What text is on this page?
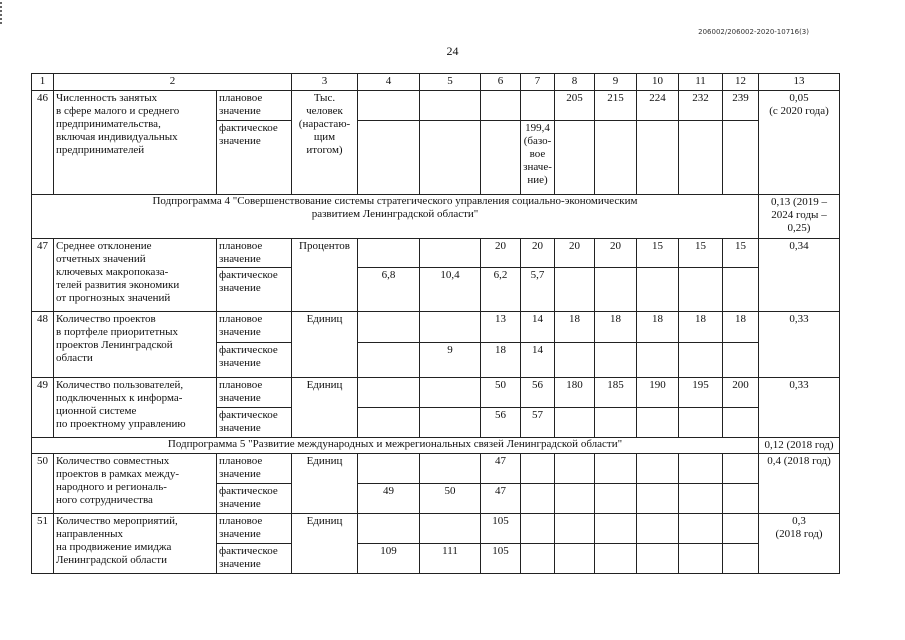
206002/206002-2020-10716(3)
24
1	2		3	4	5	6	7	8	9	10	11	12	13
46	Численность занятых
в сфере малого и среднего
предпринимательства,
включая индивидуальных
предпринимателей	плановое значение	Тыс.
человек
(нарастаю-
щим
итогом)					205	215	224	232	239	0,05
(с 2020 года)
		фактическое значение					199,4
(базо-
вое
значе-
ние)						
Подпрограмма 4 "Совершенствование системы стратегического управления социально-экономическим развитием Ленинградской области"													0,13 (2019 –
2024 годы –
0,25)
47	Среднее отклонение
отчетных значений
ключевых макропоказа-
телей развития экономики
от прогнозных значений	плановое значение	Процентов			20	20	20	20	15	15	15	0,34
		фактическое значение		6,8	10,4	6,2	5,7						
48	Количество проектов
в портфеле приоритетных
проектов Ленинградской
области	плановое значение	Единиц			13	14	18	18	18	18	18	0,33
		фактическое значение			9	18	14						
49	Количество пользователей,
подключенных к информа-
ционной системе
по проектному управлению	плановое значение	Единиц			50	56	180	185	190	195	200	0,33
		фактическое значение				56	57						
Подпрограмма 5 "Развитие международных и межрегиональных связей Ленинградской области"													0,12 (2018 год)
50	Количество совместных
проектов в рамках между-
народного и региональ-
ного сотрудничества	плановое значение	Единиц			47							0,4 (2018 год)
		фактическое значение		49	50	47							
51	Количество мероприятий,
направленных
на продвижение имиджа
Ленинградской области	плановое значение	Единиц			105							0,3
(2018 год)
		фактическое значение		109	111	105							
